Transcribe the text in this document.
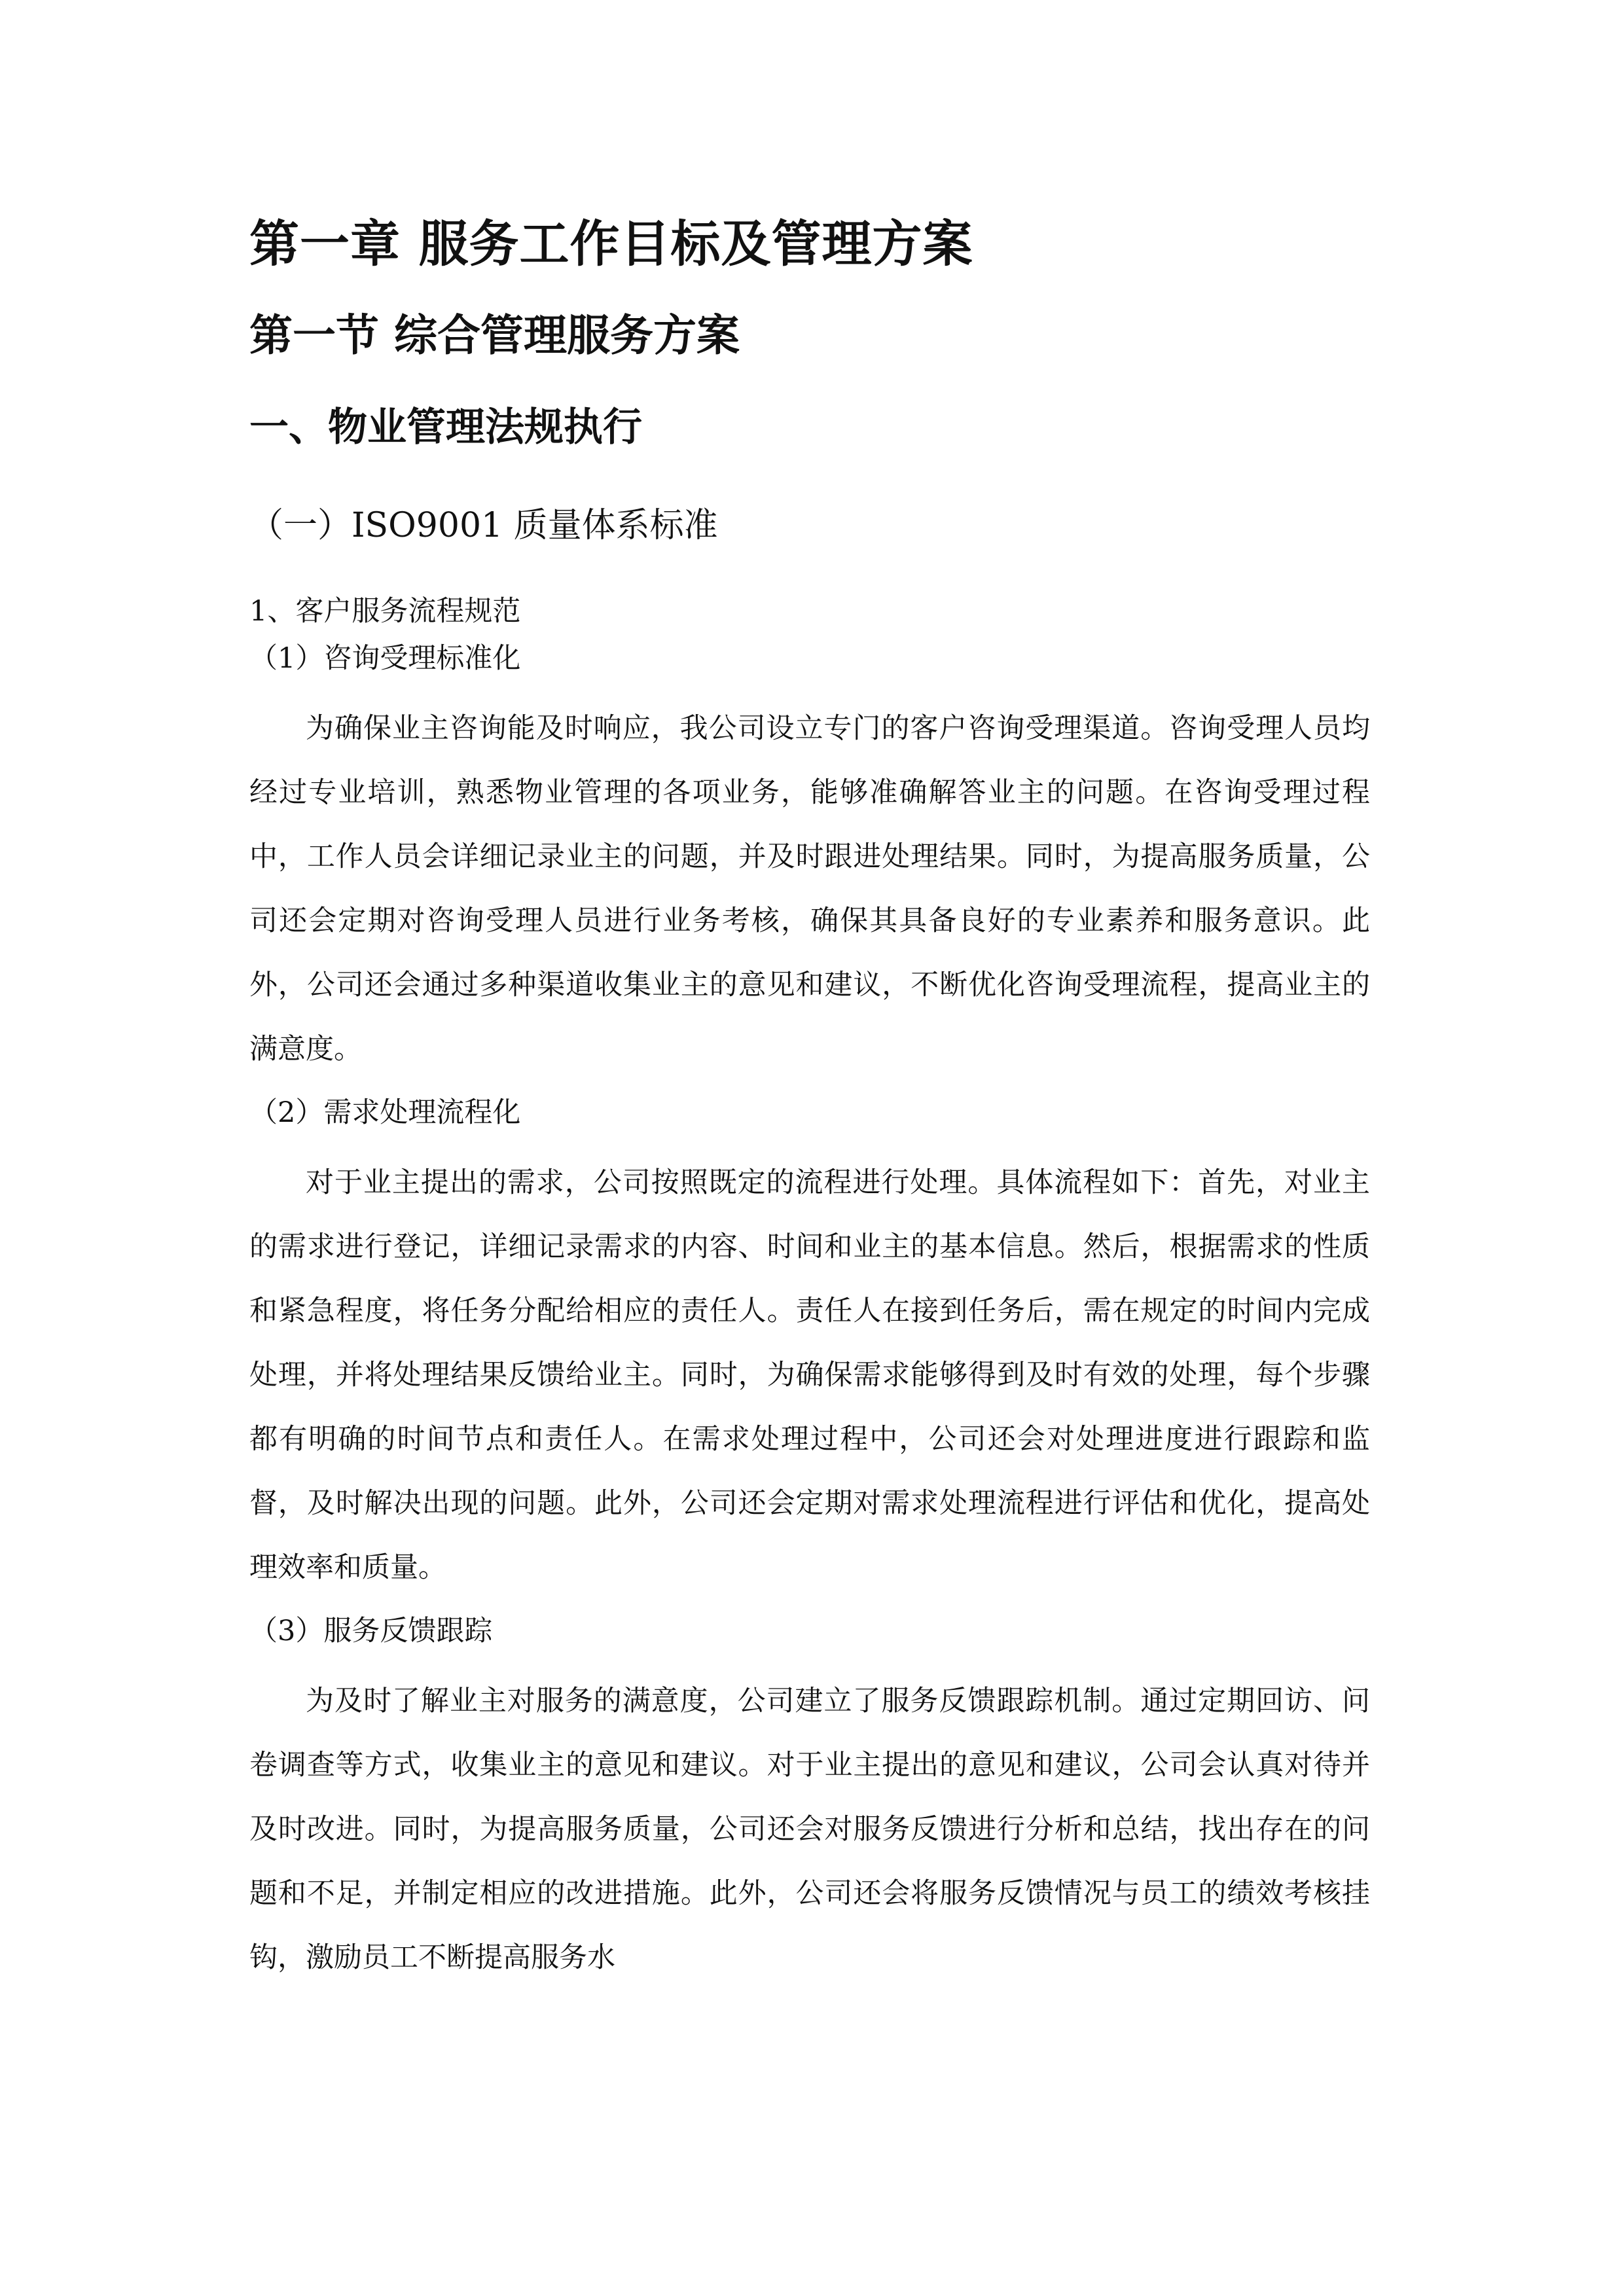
第一章 服务工作目标及管理方案
第一节 综合管理服务方案
一、物业管理法规执行
（一）ISO9001 质量体系标准
1、客户服务流程规范
（1）咨询受理标准化

为确保业主咨询能及时响应，我公司设立专门的客户咨询受理渠道。咨询受理人员均经过专业培训，熟悉物业管理的各项业务，能够准确解答业主的问题。在咨询受理过程中，工作人员会详细记录业主的问题，并及时跟进处理结果。同时，为提高服务质量，公司还会定期对咨询受理人员进行业务考核，确保其具备良好的专业素养和服务意识。此外，公司还会通过多种渠道收集业主的意见和建议，不断优化咨询受理流程，提高业主的满意度。

（2）需求处理流程化

对于业主提出的需求，公司按照既定的流程进行处理。具体流程如下：首先，对业主的需求进行登记，详细记录需求的内容、时间和业主的基本信息。然后，根据需求的性质和紧急程度，将任务分配给相应的责任人。责任人在接到任务后，需在规定的时间内完成处理，并将处理结果反馈给业主。同时，为确保需求能够得到及时有效的处理，每个步骤都有明确的时间节点和责任人。在需求处理过程中，公司还会对处理进度进行跟踪和监督，及时解决出现的问题。此外，公司还会定期对需求处理流程进行评估和优化，提高处理效率和质量。

（3）服务反馈跟踪

为及时了解业主对服务的满意度，公司建立了服务反馈跟踪机制。通过定期回访、问卷调查等方式，收集业主的意见和建议。对于业主提出的意见和建议，公司会认真对待并及时改进。同时，为提高服务质量，公司还会对服务反馈进行分析和总结，找出存在的问题和不足，并制定相应的改进措施。此外，公司还会将服务反馈情况与员工的绩效考核挂钩，激励员工不断提高服务水
